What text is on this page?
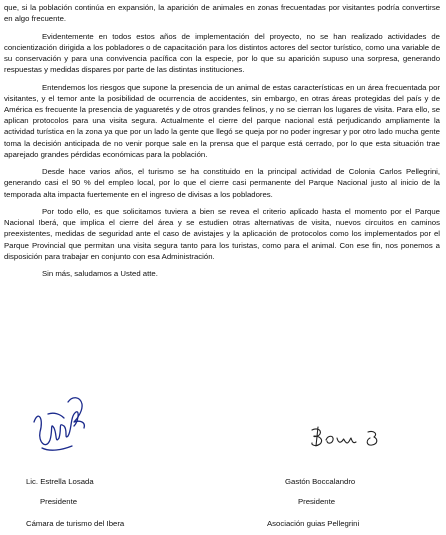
que, si la población continúa en expansión, la aparición de animales en zonas frecuentadas por visitantes podría convertirse en algo frecuente.

Evidentemente en todos estos años de implementación del proyecto, no se han realizado actividades de concientización dirigida a los pobladores o de capacitación para los distintos actores del sector turístico, como una variable de su conservación y para una convivencia pacífica con la especie, por lo que su aparición supuso una sorpresa, generando respuestas y medidas dispares por parte de las distintas instituciones.

Entendemos los riesgos que supone la presencia de un animal de estas características en un área frecuentada por visitantes, y el temor ante la posibilidad de ocurrencia de accidentes, sin embargo, en otras áreas protegidas del país y de América es frecuente la presencia de yaguaretés y de otros grandes felinos, y no se cierran los lugares de visita. Para ello, se aplican protocolos para una visita segura. Actualmente el cierre del parque nacional está perjudicando ampliamente la actividad turística en la zona ya que por un lado la gente que llegó se queja por no poder ingresar y por otro lado mucha gente toma la decisión anticipada de no venir porque sale en la prensa que el parque está cerrado, por lo que esta situación trae aparejado grandes pérdidas económicas para la población.

Desde hace varios años, el turismo se ha constituido en la principal actividad de Colonia Carlos Pellegrini, generando casi el 90 % del empleo local, por lo que el cierre casi permanente del Parque Nacional justo al inicio de la temporada alta impacta fuertemente en el ingreso de divisas a los pobladores.

Por todo ello, es que solicitamos tuviera a bien se revea el criterio aplicado hasta el momento por el Parque Nacional Iberá, que implica el cierre del área y se estudien otras alternativas de visita, nuevos circuitos en caminos preexistentes, medidas de seguridad ante el caso de avistajes y la aplicación de protocolos como los implementados por el Parque Provincial que permitan una visita segura tanto para los turistas, como para el animal. Con ese fin, nos ponemos a disposición para trabajar en conjunto con esa Administración.

Sin más, saludamos a Usted atte.

Lic. Estrella Losada
Presidente
Cámara de turismo del Ibera
Gastón Boccalandro
Presidente
Asociación guias Pellegrini
